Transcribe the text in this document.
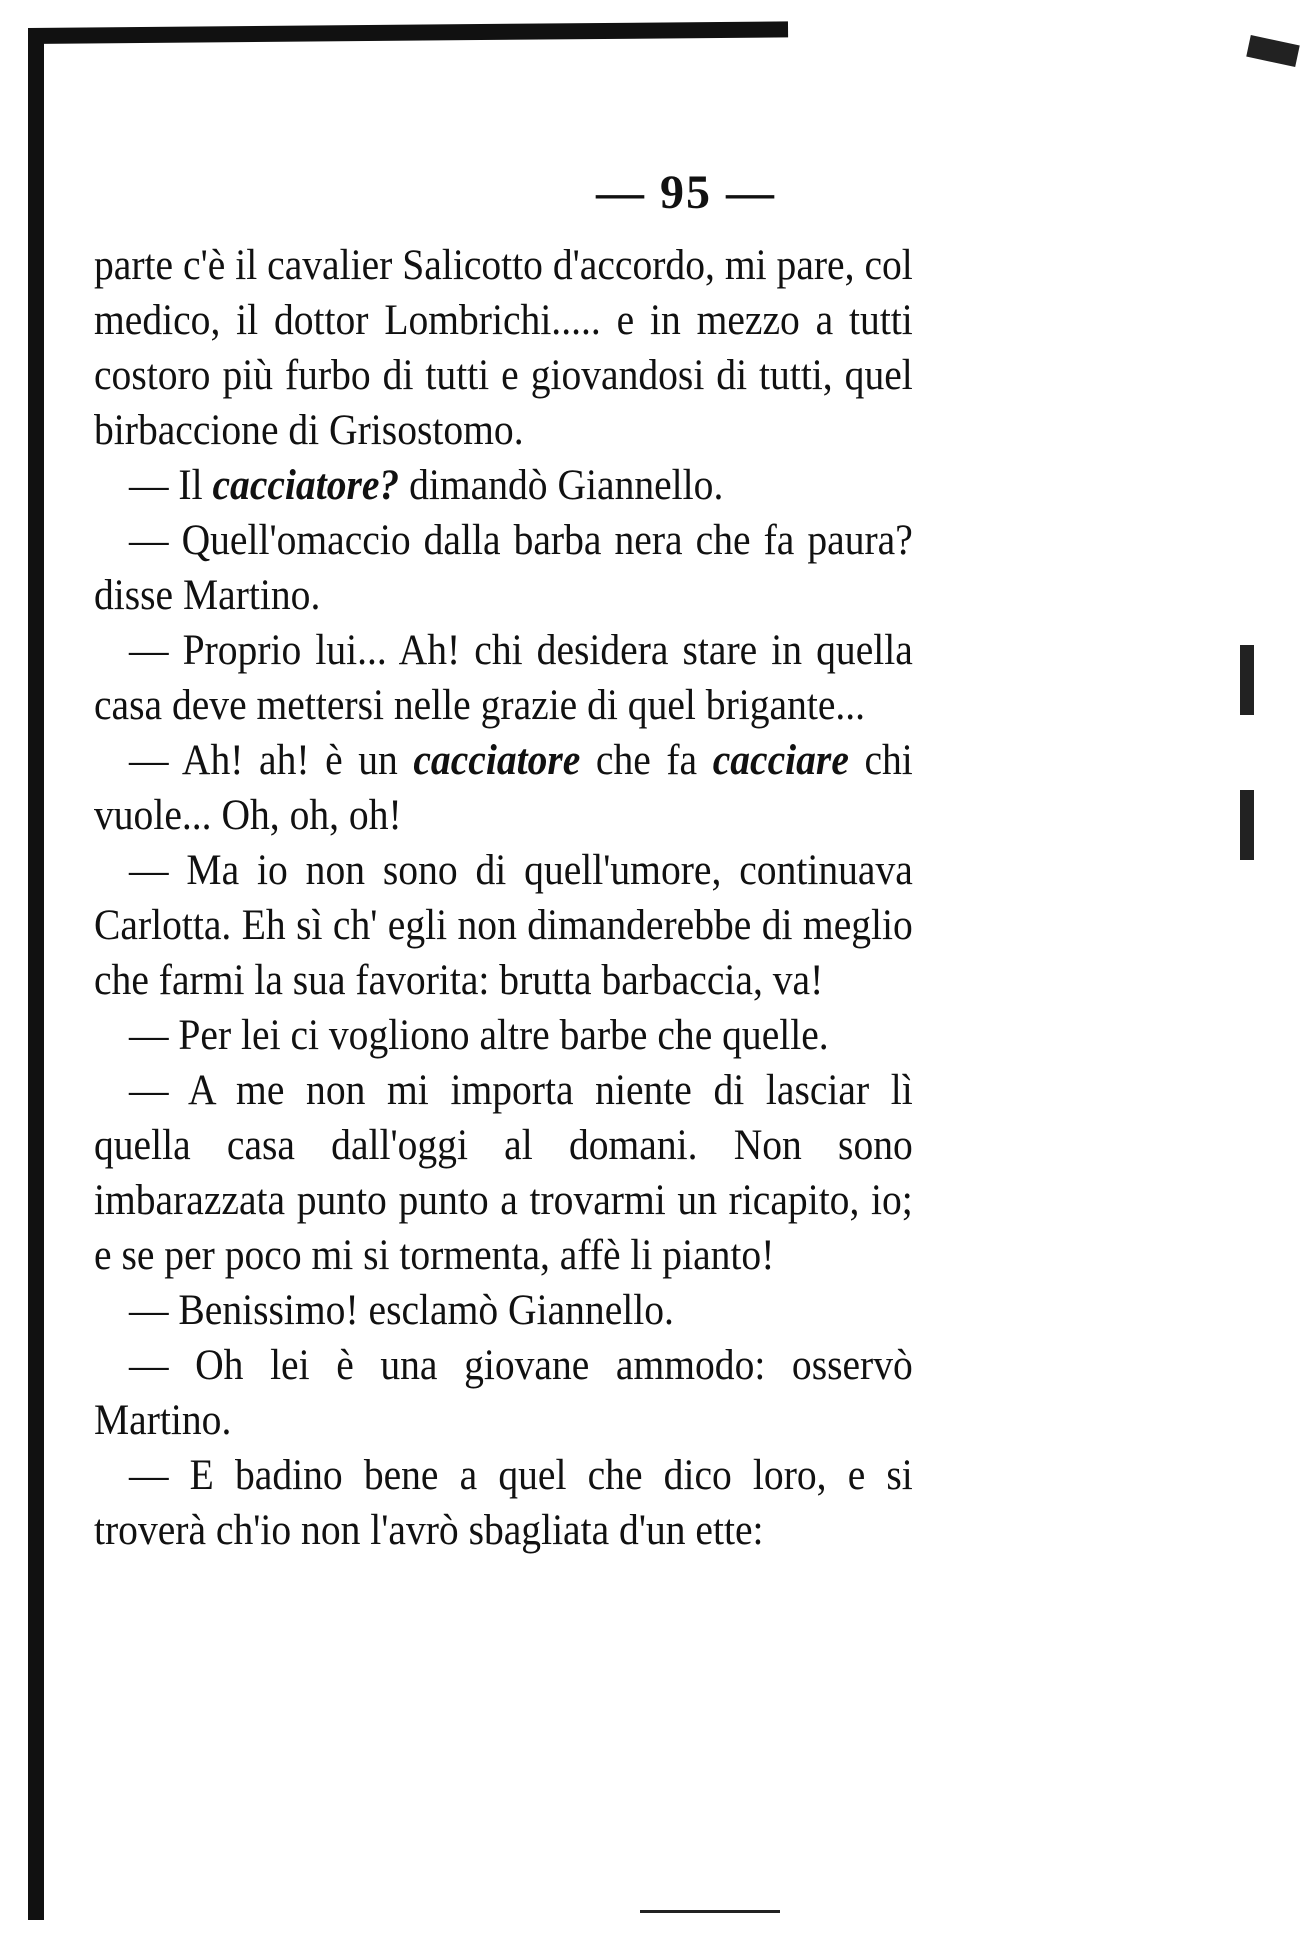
— 95 —

parte c'è il cavalier Salicotto d'accordo, mi pare, col medico, il dottor Lombrichi..... e in mezzo a tutti costoro più furbo di tutti e giovandosi di tutti, quel birbaccione di Grisostomo.

— Il cacciatore? dimandò Giannello.

— Quell'omaccio dalla barba nera che fa paura? disse Martino.

— Proprio lui... Ah! chi desidera stare in quella casa deve mettersi nelle grazie di quel brigante...

— Ah! ah! è un cacciatore che fa cacciare chi vuole... Oh, oh, oh!

— Ma io non sono di quell'umore, continuava Carlotta. Eh sì ch' egli non dimanderebbe di meglio che farmi la sua favorita: brutta barbaccia, va!

— Per lei ci vogliono altre barbe che quelle.

— A me non mi importa niente di lasciar lì quella casa dall'oggi al domani. Non sono imbarazzata punto punto a trovarmi un ricapito, io; e se per poco mi si tormenta, affè li pianto!

— Benissimo! esclamò Giannello.

— Oh lei è una giovane ammodo: osservò Martino.

— E badino bene a quel che dico loro, e si troverà ch'io non l'avrò sbagliata d'un ette:
